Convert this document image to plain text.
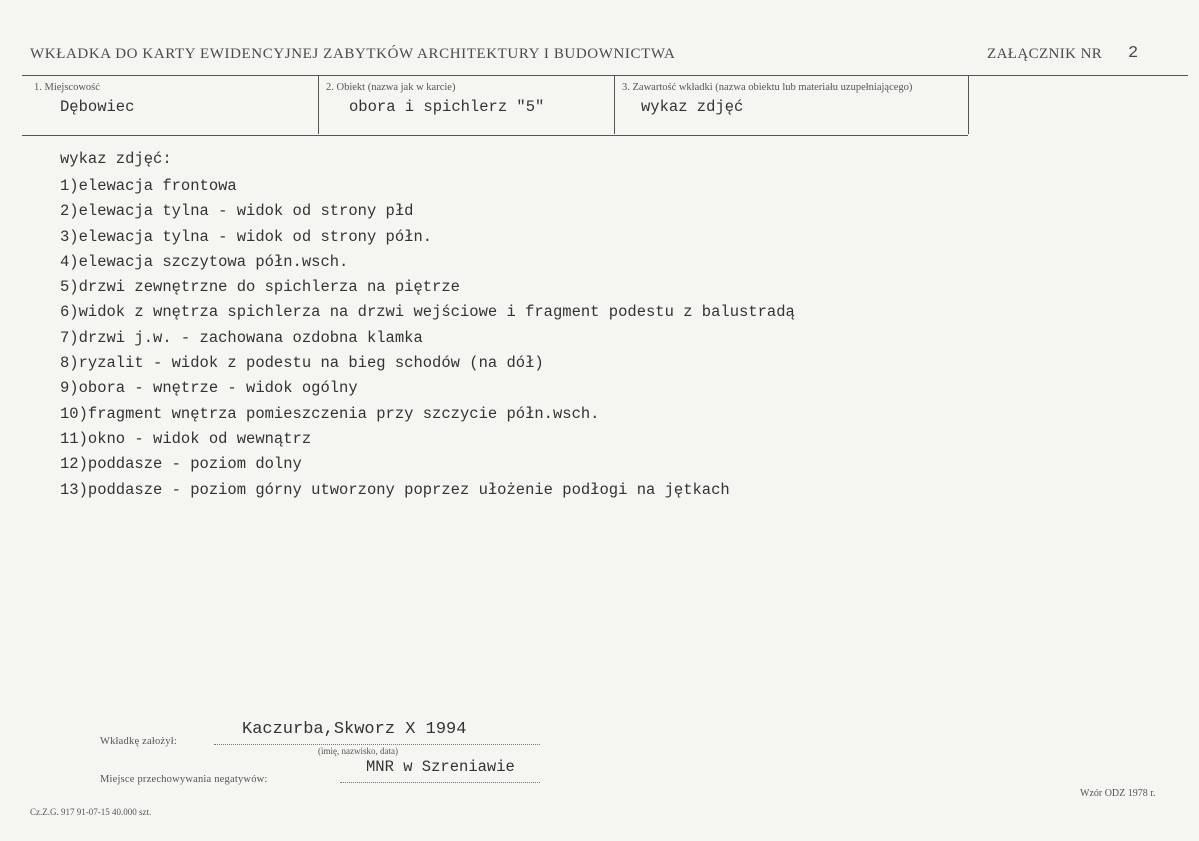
WKŁADKA DO KARTY EWIDENCYJNEJ ZABYTKÓW ARCHITEKTURY I BUDOWNICTWA	ZAŁĄCZNIK NR 2
1. Miejscowość
Dębowiec
2. Obiekt (nazwa jak w karcie)
obora i spichlerz "5"
3. Zawartość wkładki (nazwa obiektu lub materiału uzupełniającego)
wykaz zdjęć
wykaz zdjęć:
1)elewacja frontowa
2)elewacja tylna - widok od strony płd
3)elewacja tylna - widok od strony półn.
4)elewacja szczytowa półn.wsch.
5)drzwi zewnętrzne do spichlerza na piętrze
6)widok z wnętrza spichlerza na drzwi wejściowe i fragment podestu z balustradą
7)drzwi j.w. - zachowana ozdobna klamka
8)ryzalit - widok z podestu na bieg schodów (na dół)
9)obora - wnętrze - widok ogólny
10)fragment wnętrza pomieszczenia przy szczycie półn.wsch.
11)okno - widok od wewnątrz
12)poddasze - poziom dolny
13)poddasze - poziom górny utworzony poprzez ułożenie podłogi na jętkach
Wkładkę założył:
Kaczurba,Skworz X 1994
(imię, nazwisko, data)
Miejsce przechowywania negatywów:
MNR w Szreniawie
Cz.Z.G. 917 91-07-15 40.000 szt.
Wzór ODZ 1978 r.
